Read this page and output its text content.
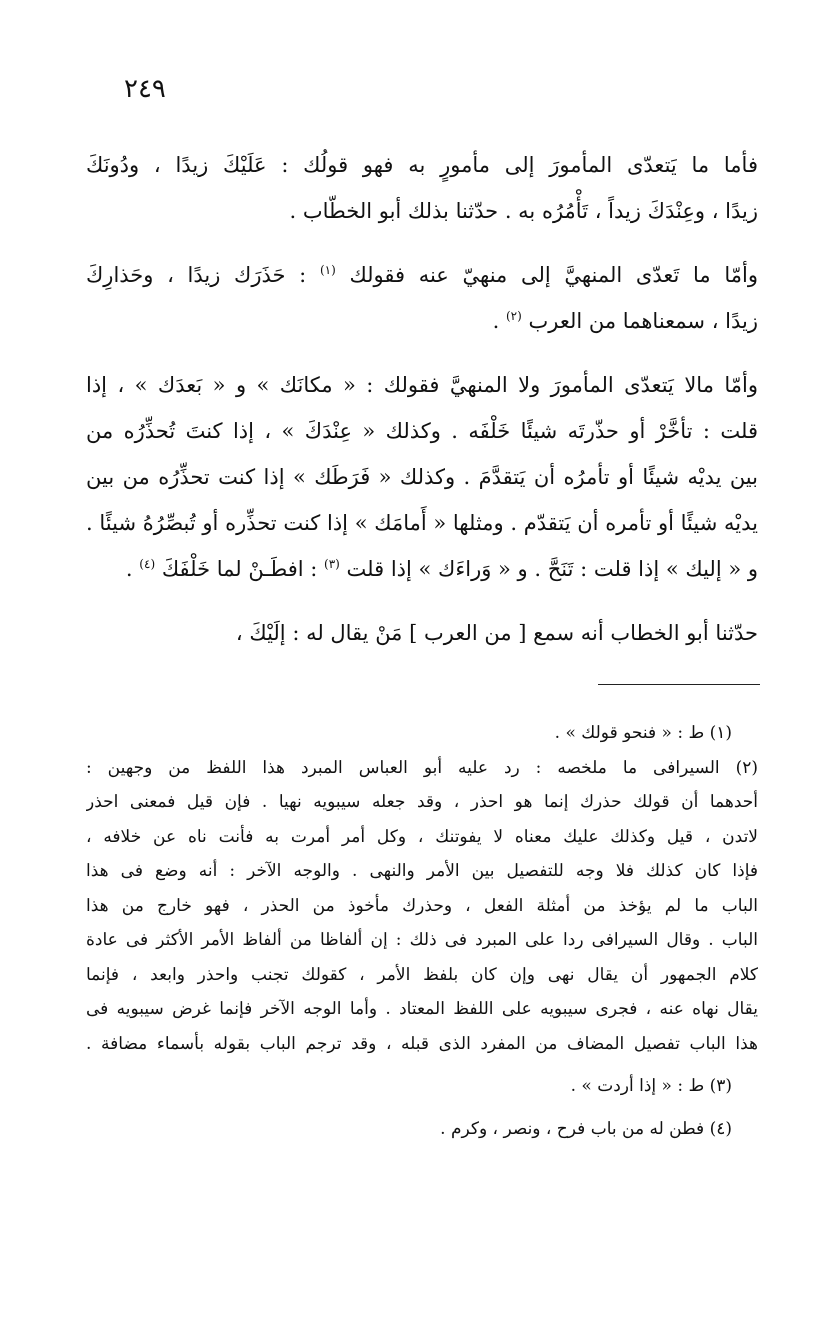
٢٤٩
فأما ما يَتعدّى المأمورَ إلى مأمورٍ به فهو قولُك : عَلَيْكَ زيدًا ، ودُونَكَ
زيدًا ، وعِنْدَكَ زيداً ، تَأْمُرُه به . حدّثنا بذلك أبو الخطّاب .
وأمّا ما تَعدّى المنهيَّ إلى منهيّ عنه فقولك $^{(١)}$ : حَذَرَك زيدًا ، وحَذارِكَ
زيدًا ، سمعناهما من العرب $^{(٢)}$ .
وأمّا مالا يَتعدّى المأمورَ ولا المنهيَّ فقولك : « مكانَك » و « بَعدَك » ، إذا
قلت : تأخَّرْ أو حذّرتَه شيئًا خَلْفَه . وكذلك « عِنْدَكَ » ، إذا كنتَ تُحذِّرُه من
بين يديْه شيئًا أو تأمرُه أن يَتقدَّمَ . وكذلك « فَرَطَك » إذا كنت تحذِّرُه من بين
يديْه شيئًا أو تأمره أن يَتقدّم . ومثلها « أَمامَك » إذا كنت تحذِّره أو تُبصِّرُهُ شيئًا .
و « إليك » إذا قلت : تَنَحَّ . و « وَراءَك » إذا قلت $^{(٣)}$ : افطَـنْ لما خَلْفَكَ $^{(٤)}$ .
حدّثنا أبو الخطاب أنه سمع [ من العرب ] مَنْ يقال له : إلَيْكَ ،
(١) ط : « فنحو قولك » .
(٢) السيرافى ما ملخصه : رد عليه أبو العباس المبرد هذا اللفظ من وجهين :
أحدهما أن قولك حذرك إنما هو احذر ، وقد جعله سيبويه نهيا . فإن قيل فمعنى احذر
لاتدن ، قيل وكذلك عليك معناه لا يفوتنك ، وكل أمر أمرت به فأنت ناه عن خلافه ،
فإذا كان كذلك فلا وجه للتفصيل بين الأمر والنهى . والوجه الآخر : أنه وضع فى هذا
الباب ما لم يؤخذ من أمثلة الفعل ، وحذرك مأخوذ من الحذر ، فهو خارج من هذا
الباب . وقال السيرافى ردا على المبرد فى ذلك : إن ألفاظا من ألفاظ الأمر الأكثر فى عادة
كلام الجمهور أن يقال نهى وإن كان بلفظ الأمر ، كقولك تجنب واحذر وابعد ، فإنما
يقال نهاه عنه ، فجرى سيبويه على اللفظ المعتاد . وأما الوجه الآخر فإنما غرض سيبويه فى
هذا الباب تفصيل المضاف من المفرد الذى قبله ، وقد ترجم الباب بقوله بأسماء مضافة .
(٣) ط : « إذا أردت » .
(٤) فطن له من باب فرح ، ونصر ، وكرم .
